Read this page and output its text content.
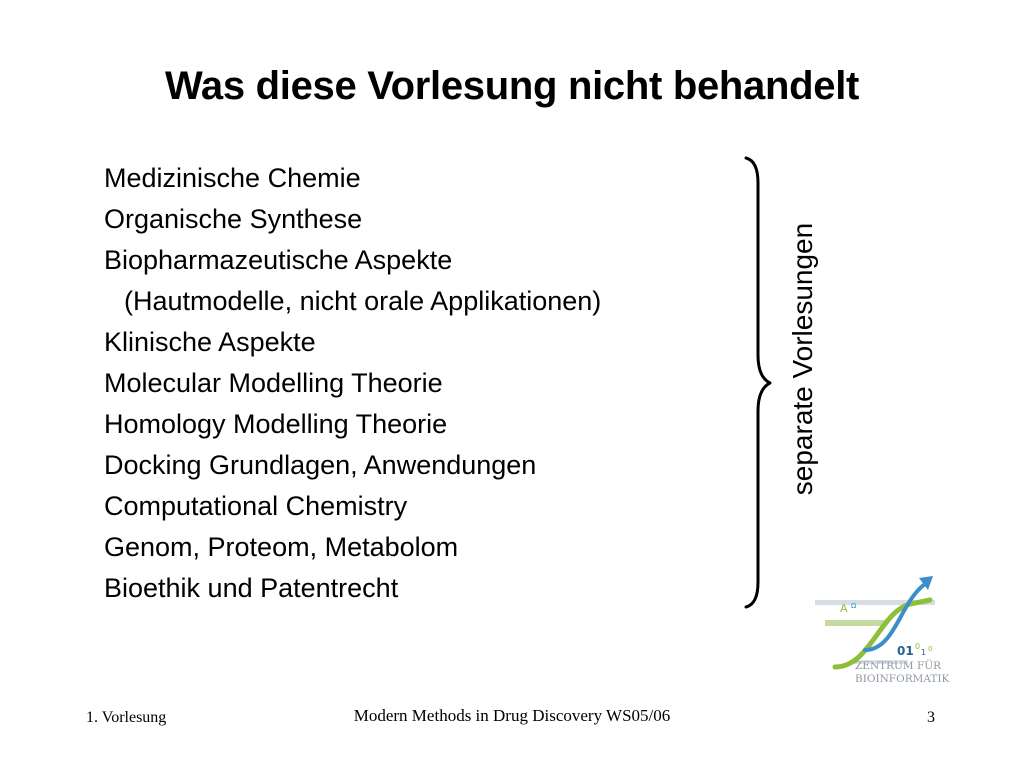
Was diese Vorlesung nicht behandelt
Medizinische Chemie
Organische Synthese
Biopharmazeutische Aspekte
(Hautmodelle, nicht orale Applikationen)
Klinische Aspekte
Molecular Modelling Theorie
Homology Modelling Theorie
Docking Grundlagen, Anwendungen
Computational Chemistry
Genom, Proteom, Metabolom
Bioethik und Patentrecht
separate Vorlesungen
A Ω
01 0
1 0
ZENTRUM FÜR
BIOINFORMATIK
1. Vorlesung	Modern Methods in Drug Discovery WS05/06	3
